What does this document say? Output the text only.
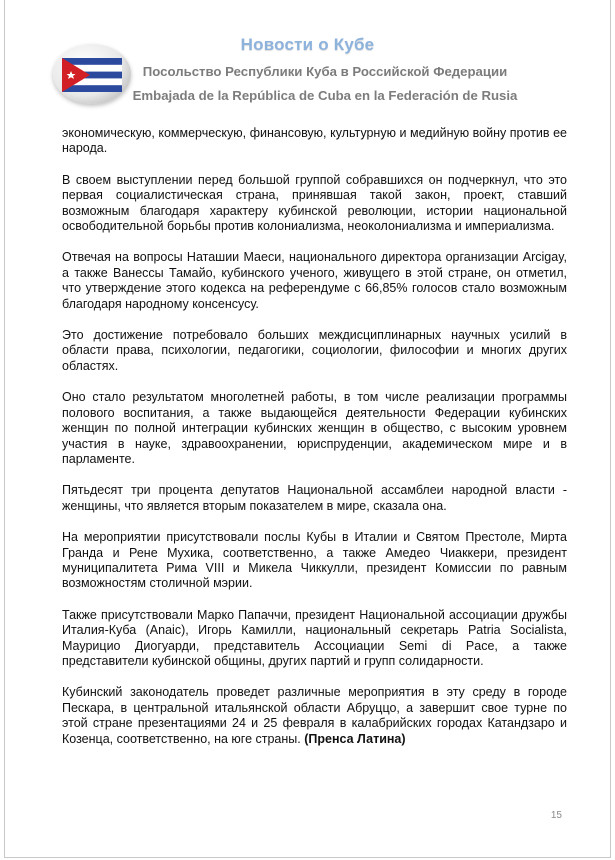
Новости о Кубе
Посольство Республики Куба в Российской Федерации
Embajada de la República de Cuba en la Federación de Rusia

экономическую, коммерческую, финансовую, культурную и медийную войну против ее народа.

В своем выступлении перед большой группой собравшихся он подчеркнул, что это первая социалистическая страна, принявшая такой закон, проект, ставший возможным благодаря характеру кубинской революции, истории национальной освободительной борьбы против колониализма, неоколониализма и империализма.

Отвечая на вопросы Наташии Маеси, национального директора организации Arcigay, а также Ванессы Тамайо, кубинского ученого, живущего в этой стране, он отметил, что утверждение этого кодекса на референдуме с 66,85% голосов стало возможным благодаря народному консенсусу.

Это достижение потребовало больших междисциплинарных научных усилий в области права, психологии, педагогики, социологии, философии и многих других областях.

Оно стало результатом многолетней работы, в том числе реализации программы полового воспитания, а также выдающейся деятельности Федерации кубинских женщин по полной интеграции кубинских женщин в общество, с высоким уровнем участия в науке, здравоохранении, юриспруденции, академическом мире и в парламенте.

Пятьдесят три процента депутатов Национальной ассамблеи народной власти - женщины, что является вторым показателем в мире, сказала она.

На мероприятии присутствовали послы Кубы в Италии и Святом Престоле, Мирта Гранда и Рене Мухика, соответственно, а также Амедео Чиаккери, президент муниципалитета Рима VIII и Микела Чиккулли, президент Комиссии по равным возможностям столичной мэрии.

Также присутствовали Марко Папаччи, президент Национальной ассоциации дружбы Италия-Куба (Anaic), Игорь Камилли, национальный секретарь Patria Socialista, Маурицио Диогуарди, представитель Ассоциации Semi di Pace, а также представители кубинской общины, других партий и групп солидарности.

Кубинский законодатель проведет различные мероприятия в эту среду в городе Пескара, в центральной итальянской области Абруццо, а завершит свое турне по этой стране презентациями 24 и 25 февраля в калабрийских городах Катандзаро и Козенца, соответственно, на юге страны. (Пренса Латина)

15
